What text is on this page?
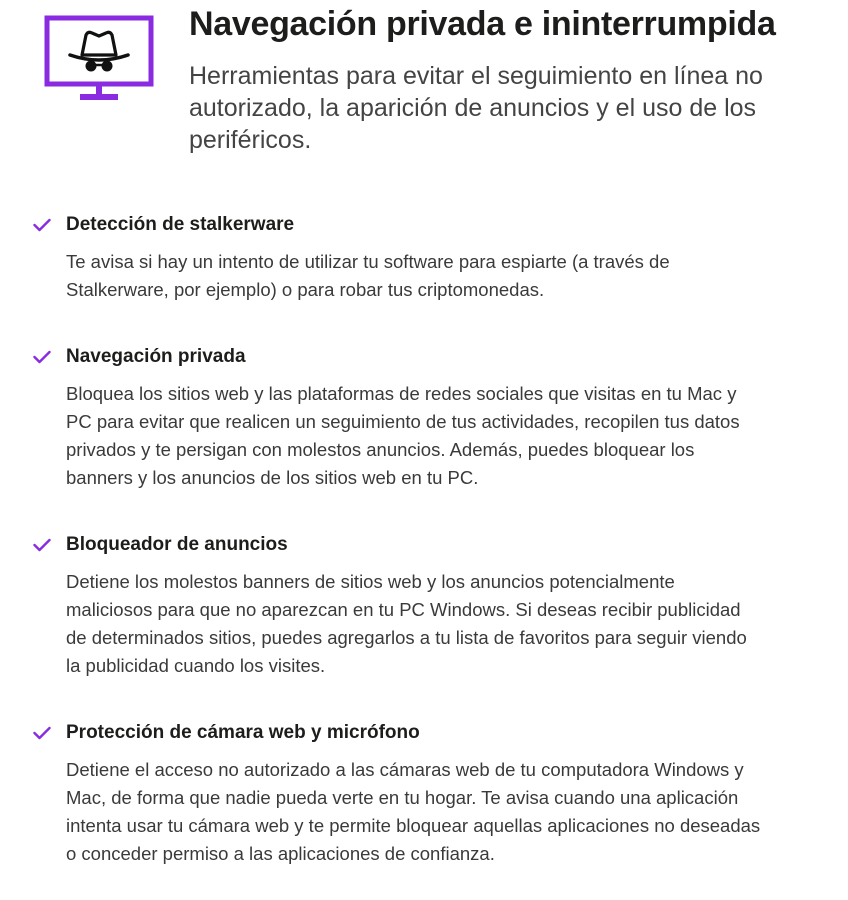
Navegación privada e ininterrumpida

Herramientas para evitar el seguimiento en línea no autorizado, la aparición de anuncios y el uso de los periféricos.

Detección de stalkerware

Te avisa si hay un intento de utilizar tu software para espiarte (a través de Stalkerware, por ejemplo) o para robar tus criptomonedas.

Navegación privada

Bloquea los sitios web y las plataformas de redes sociales que visitas en tu Mac y PC para evitar que realicen un seguimiento de tus actividades, recopilen tus datos privados y te persigan con molestos anuncios. Además, puedes bloquear los banners y los anuncios de los sitios web en tu PC.

Bloqueador de anuncios

Detiene los molestos banners de sitios web y los anuncios potencialmente maliciosos para que no aparezcan en tu PC Windows. Si deseas recibir publicidad de determinados sitios, puedes agregarlos a tu lista de favoritos para seguir viendo la publicidad cuando los visites.

Protección de cámara web y micrófono

Detiene el acceso no autorizado a las cámaras web de tu computadora Windows y Mac, de forma que nadie pueda verte en tu hogar. Te avisa cuando una aplicación intenta usar tu cámara web y te permite bloquear aquellas aplicaciones no deseadas o conceder permiso a las aplicaciones de confianza.
